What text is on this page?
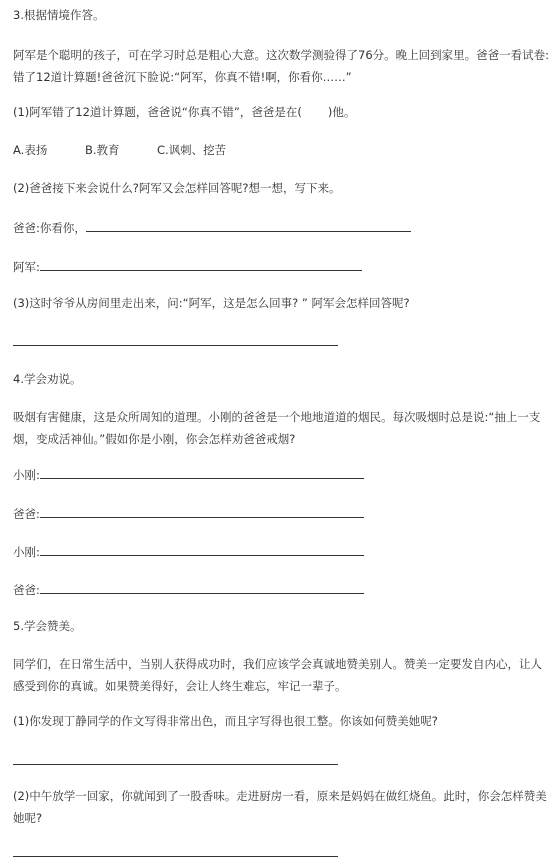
3.根据情境作答。
阿军是个聪明的孩子，可在学习时总是粗心大意。这次数学测验得了76分。晚上回到家里。爸爸一看试卷:错了12道计算题!爸爸沉下脸说:“阿军，你真不错!啊，你看你……”
(1)阿军错了12道计算题，爸爸说“你真不错”，爸爸是在( )他。
A.表扬	B.教育	C.讽刺、挖苦
(2)爸爸接下来会说什么?阿军又会怎样回答呢?想一想，写下来。
爸爸:你看你，
阿军:
(3)这时爷爷从房间里走出来，问:“阿军，这是怎么回事? ” 阿军会怎样回答呢?
4.学会劝说。
吸烟有害健康，这是众所周知的道理。小刚的爸爸是一个地地道道的烟民。每次吸烟时总是说:“抽上一支烟，变成活神仙。”假如你是小刚，你会怎样劝爸爸戒烟?
小刚:
爸爸:
小刚:
爸爸:
5.学会赞美。
同学们，在日常生活中，当别人获得成功时，我们应该学会真诚地赞美别人。赞美一定要发自内心，让人感受到你的真诚。如果赞美得好，会让人终生难忘，牢记一辈子。
(1)你发现丁静同学的作文写得非常出色，而且字写得也很工整。你该如何赞美她呢?
(2)中午放学一回家，你就闻到了一股香味。走进厨房一看，原来是妈妈在做红烧鱼。此时，你会怎样赞美她呢?
